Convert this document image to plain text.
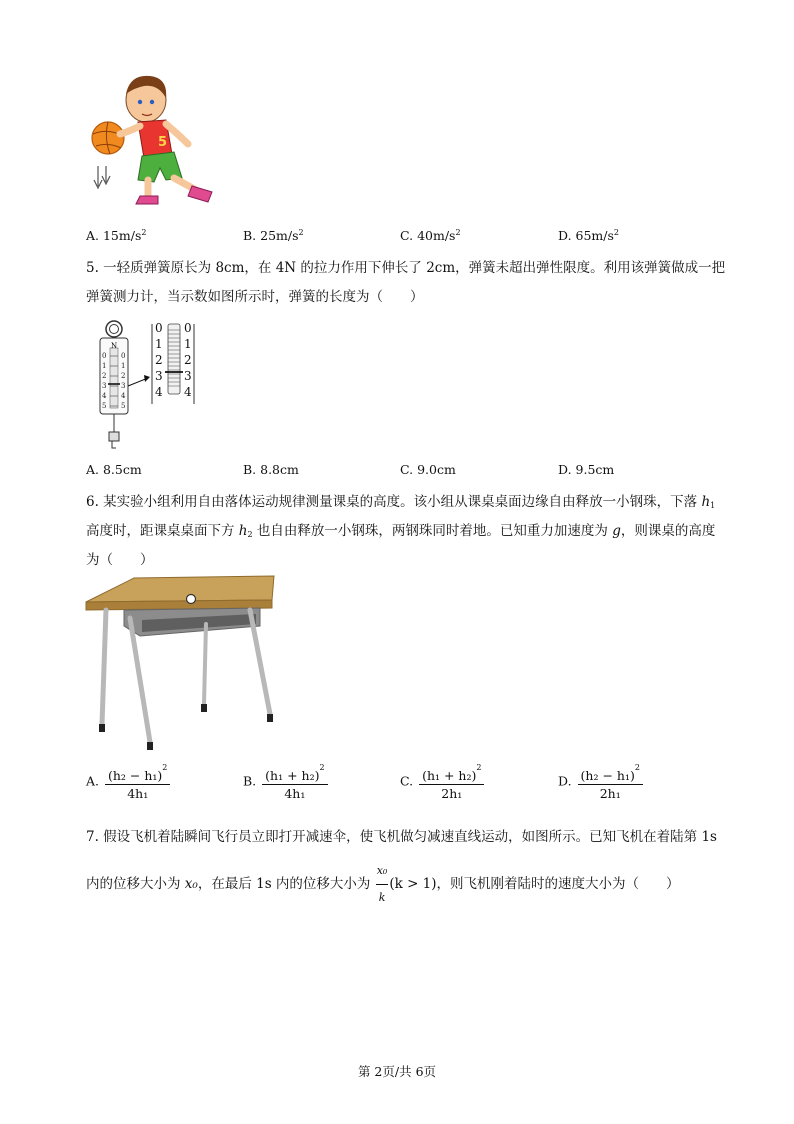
5
A. $15m/s^2$	B. $25m/s^2$	C. $40m/s^2$	D. $65m/s^2$
5. 一轻质弹簧原长为 8cm，在 4N 的拉力作用下伸长了 2cm，弹簧未超出弹性限度。利用该弹簧做成一把
弹簧测力计，当示数如图所示时，弹簧的长度为（　　）
N
0
1
2
3
4
5
0
1
2
3
4
5
0
1
2
3
4
0
1
2
3
4
A. 8.5cm	B. 8.8cm	C. 9.0cm	D. 9.5cm
6. 某实验小组利用自由落体运动规律测量课桌的高度。该小组从课桌桌面边缘自由释放一小钢珠，下落 $h_1$
高度时，距课桌桌面下方 $h_2$ 也自由释放一小钢珠，两钢珠同时着地。已知重力加速度为 g，则课桌的高度
为（　　）
A. $\frac{(h_2 - h_1)^2}{\text{4h₁}}$	B. $\frac{(h_1 + h_2)^2}{\text{4h₁}}$	C. $\frac{(h_1 + h_2)^2}{\text{2h₁}}$	D. $\frac{(h_2 - h_1)^2}{\text{2h₁}}$
7. 假设飞机着陆瞬间飞行员立即打开减速伞，使飞机做匀减速直线运动，如图所示。已知飞机在着陆第 1s
内的位移大小为 x₀，在最后 1s 内的位移大小为 $\frac{\text{x₀}}{k} (k > 1)$，则飞机刚着陆时的速度大小为（　　）
第 2页/共 6页
